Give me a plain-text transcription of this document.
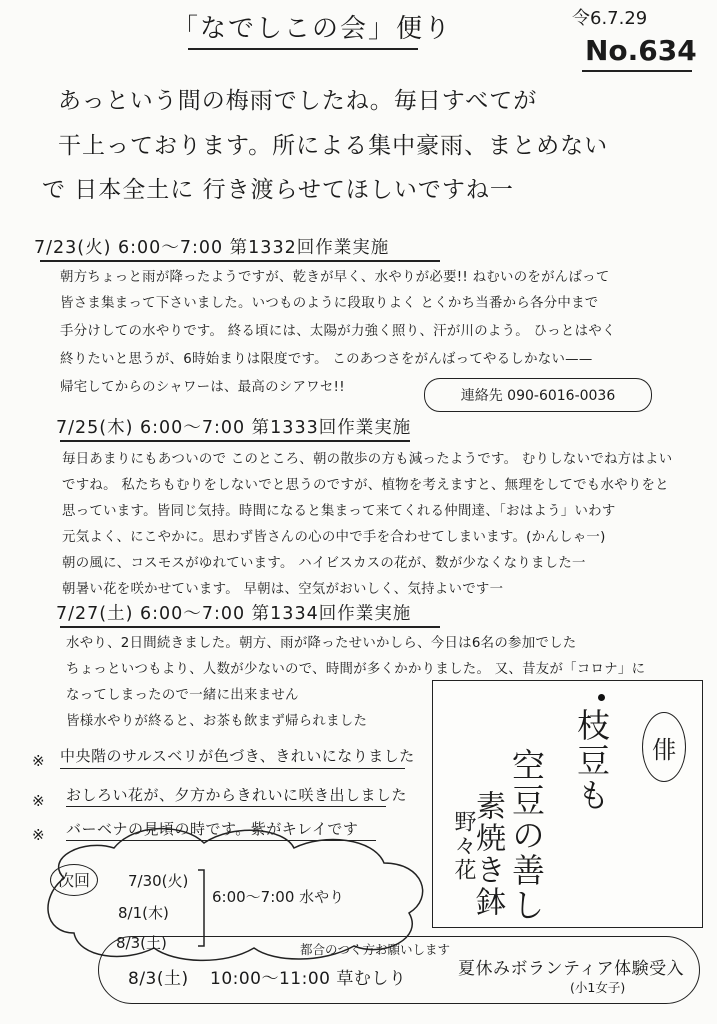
「なでしこの会」便り	令6.7.29
No.634
あっという間の梅雨でしたね。毎日すべてが
干上っております。所による集中豪雨、まとめない
で 日本全土に 行き渡らせてほしいですね一
7/23(火) 6:00〜7:00 第1332回作業実施
朝方ちょっと雨が降ったようですが、乾きが早く、水やりが必要!! ねむいのをがんばって
皆さま集まって下さいました。いつものように段取りよく とくかち当番から各分中まで
手分けしての水やりです。 終る頃には、太陽が力強く照り、汗が川のよう。 ひっとはやく
終りたいと思うが、6時始まりは限度です。 このあつさをがんばってやるしかない——
帰宅してからのシャワーは、最高のシアワセ!!
連絡先 090-6016-0036
7/25(木) 6:00〜7:00 第1333回作業実施
毎日あまりにもあついので このところ、朝の散歩の方も減ったようです。 むりしないでね方はよい
ですね。 私たちもむりをしないでと思うのですが、植物を考えますと、無理をしてでも水やりをと
思っています。皆同じ気持。時間になると集まって来てくれる仲間達、「おはよう」いわす
元気よく、にこやかに。思わず皆さんの心の中で手を合わせてしまいます。(かんしゃ一)
朝の風に、コスモスがゆれています。 ハイビスカスの花が、数が少なくなりました一
朝暑い花を咲かせています。 早朝は、空気がおいしく、気持よいです一
7/27(土) 6:00〜7:00 第1334回作業実施
水やり、2日間続きました。朝方、雨が降ったせいかしら、今日は6名の参加でした
ちょっといつもより、人数が少ないので、時間が多くかかりました。 又、昔友が「コロナ」に
なってしまったので一緒に出来ません
皆様水やりが終ると、お茶も飲まず帰られました
俳
枝豆も
空豆の善し
野々花
※ 中央階のサルスベリが色づき、きれいになりました
※ おしろい花が、夕方からきれいに咲き出しました
※ バーベナの見頃の時です。紫がキレイです
次回	7/30(火)
8/1(木)
8/3(土)
6:00〜7:00 水やり
都合のつく方お願いします
8/3(土) 10:00〜11:00 草むしり	夏休みボランティア体験受入
(小1女子)
素焼き鉢
